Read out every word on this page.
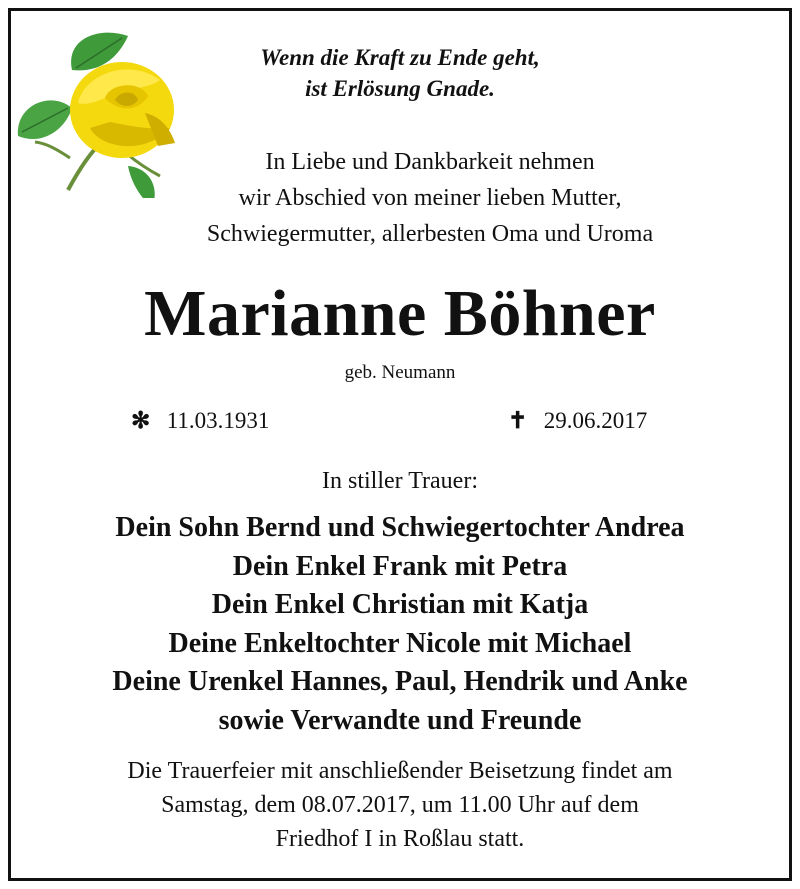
Wenn die Kraft zu Ende geht,
ist Erlösung Gnade.
In Liebe und Dankbarkeit nehmen
wir Abschied von meiner lieben Mutter,
Schwiegermutter, allerbesten Oma und Uroma
Marianne Böhner
geb. Neumann
✻ 11.03.1931	✝ 29.06.2017
In stiller Trauer:
Dein Sohn Bernd und Schwiegertochter Andrea
Dein Enkel Frank mit Petra
Dein Enkel Christian mit Katja
Deine Enkeltochter Nicole mit Michael
Deine Urenkel Hannes, Paul, Hendrik und Anke
sowie Verwandte und Freunde
Die Trauerfeier mit anschließender Beisetzung findet am
Samstag, dem 08.07.2017, um 11.00 Uhr auf dem
Friedhof I in Roßlau statt.
